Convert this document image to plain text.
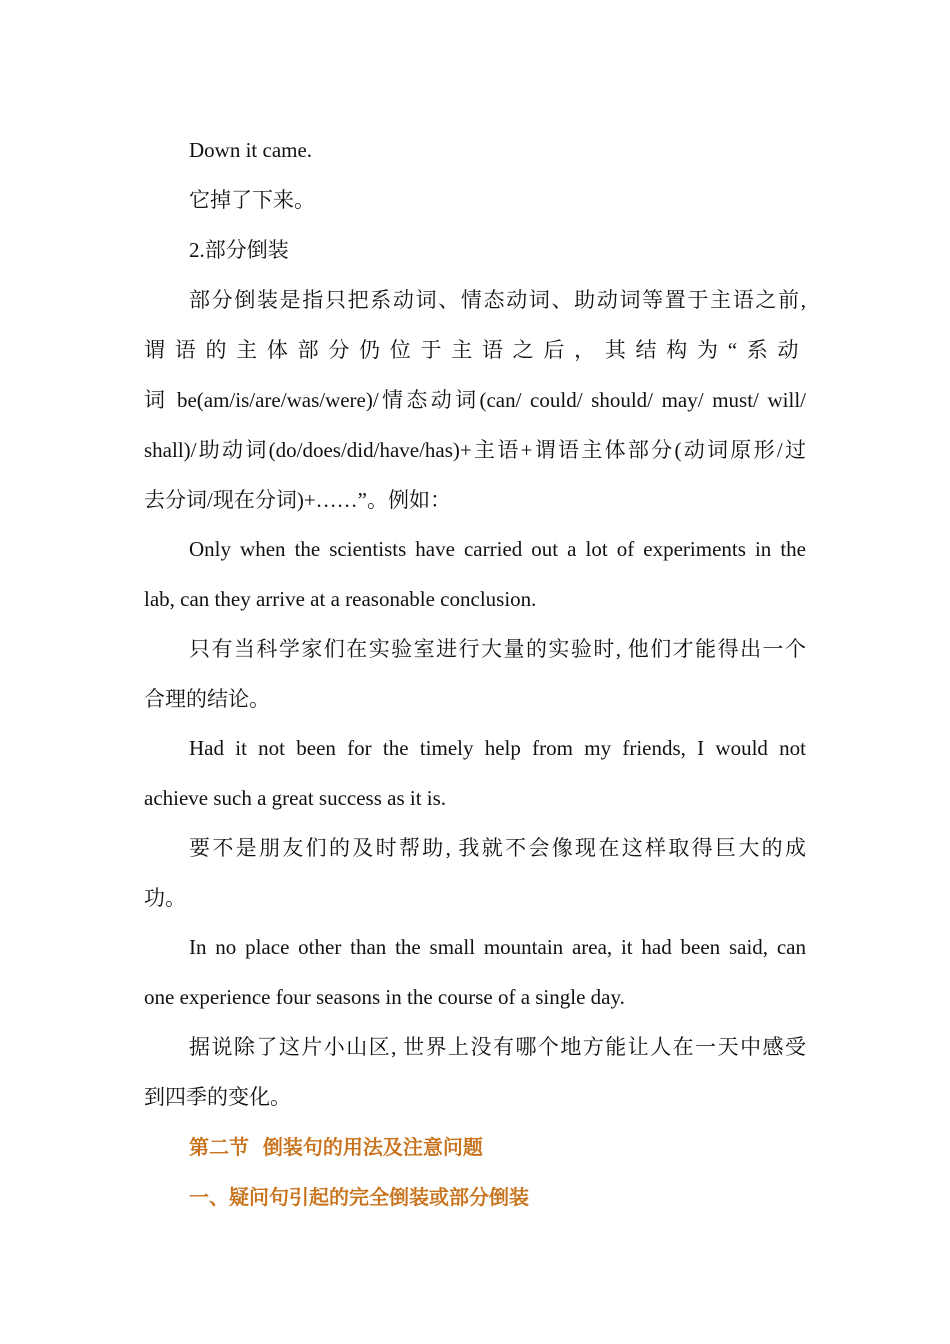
Down it came.
它掉了下来。
2.部分倒装
部分倒装是指只把系动词、情态动词、助动词等置于主语之前,
谓语的主体部分仍位于主语之后，其结构为“系动
词 be(am/is/are/was/were)/情态动词(can/ could/ should/ may/ must/ will/
shall)/助动词(do/does/did/have/has)+主语+谓语主体部分(动词原形/过
去分词/现在分词)+……”。例如：
Only when the scientists have carried out a lot of experiments in the
lab, can they arrive at a reasonable conclusion.
只有当科学家们在实验室进行大量的实验时, 他们才能得出一个
合理的结论。
Had it not been for the timely help from my friends, I would not
achieve such a great success as it is.
要不是朋友们的及时帮助, 我就不会像现在这样取得巨大的成
功。
In no place other than the small mountain area, it had been said, can
one experience four seasons in the course of a single day.
据说除了这片小山区, 世界上没有哪个地方能让人在一天中感受
到四季的变化。
第二节  倒装句的用法及注意问题
一、疑问句引起的完全倒装或部分倒装
